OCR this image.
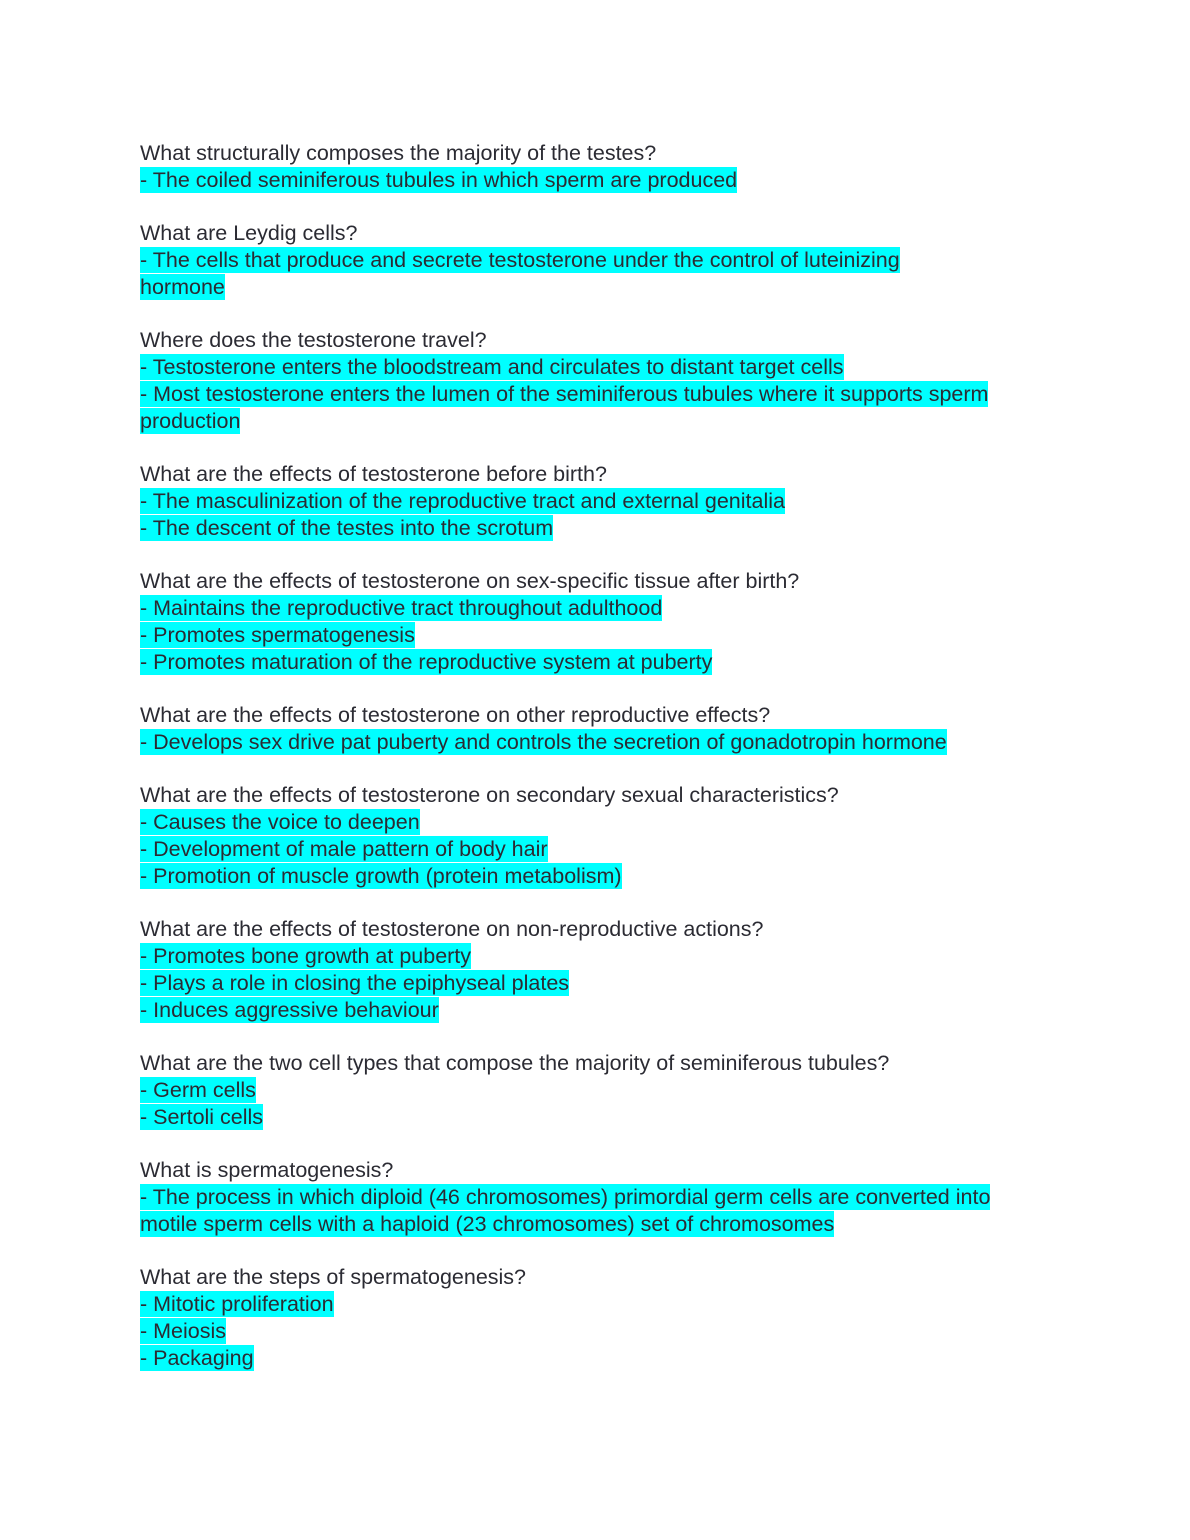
What structurally composes the majority of the testes?

- The coiled seminiferous tubules in which sperm are produced

What are Leydig cells?

- The cells that produce and secrete testosterone under the control of luteinizing hormone

Where does the testosterone travel?

- Testosterone enters the bloodstream and circulates to distant target cells
- Most testosterone enters the lumen of the seminiferous tubules where it supports sperm production

What are the effects of testosterone before birth?

- The masculinization of the reproductive tract and external genitalia
- The descent of the testes into the scrotum

What are the effects of testosterone on sex-specific tissue after birth?

- Maintains the reproductive tract throughout adulthood
- Promotes spermatogenesis
- Promotes maturation of the reproductive system at puberty

What are the effects of testosterone on other reproductive effects?

- Develops sex drive pat puberty and controls the secretion of gonadotropin hormone

What are the effects of testosterone on secondary sexual characteristics?

- Causes the voice to deepen
- Development of male pattern of body hair
- Promotion of muscle growth (protein metabolism)

What are the effects of testosterone on non-reproductive actions?

- Promotes bone growth at puberty
- Plays a role in closing the epiphyseal plates
- Induces aggressive behaviour

What are the two cell types that compose the majority of seminiferous tubules?

- Germ cells
- Sertoli cells

What is spermatogenesis?

- The process in which diploid (46 chromosomes) primordial germ cells are converted into motile sperm cells with a haploid (23 chromosomes) set of chromosomes

What are the steps of spermatogenesis?

- Mitotic proliferation
- Meiosis
- Packaging
